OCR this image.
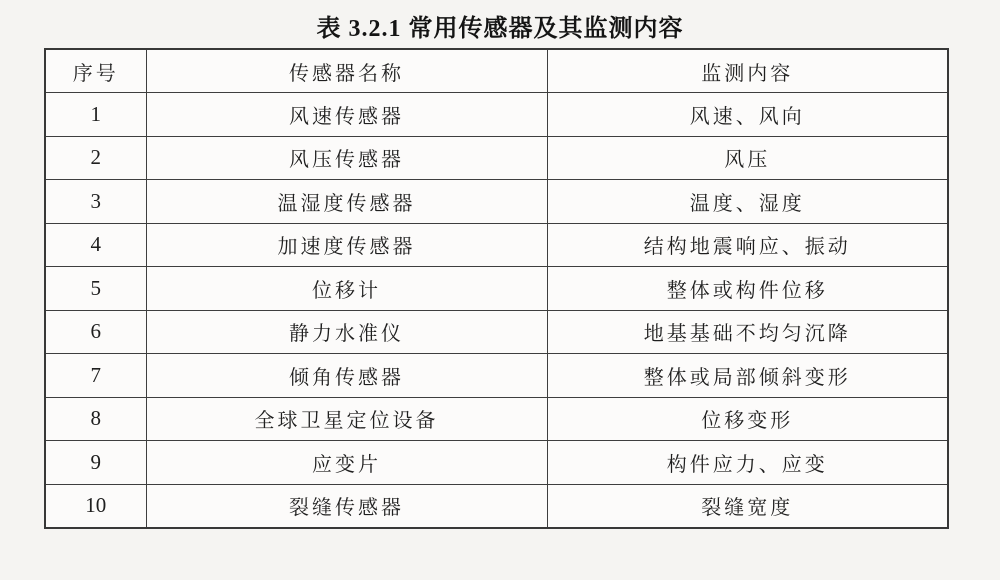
表 3.2.1 常用传感器及其监测内容
序号	传感器名称	监测内容
1	风速传感器	风速、风向
2	风压传感器	风压
3	温湿度传感器	温度、湿度
4	加速度传感器	结构地震响应、振动
5	位移计	整体或构件位移
6	静力水准仪	地基基础不均匀沉降
7	倾角传感器	整体或局部倾斜变形
8	全球卫星定位设备	位移变形
9	应变片	构件应力、应变
10	裂缝传感器	裂缝宽度
